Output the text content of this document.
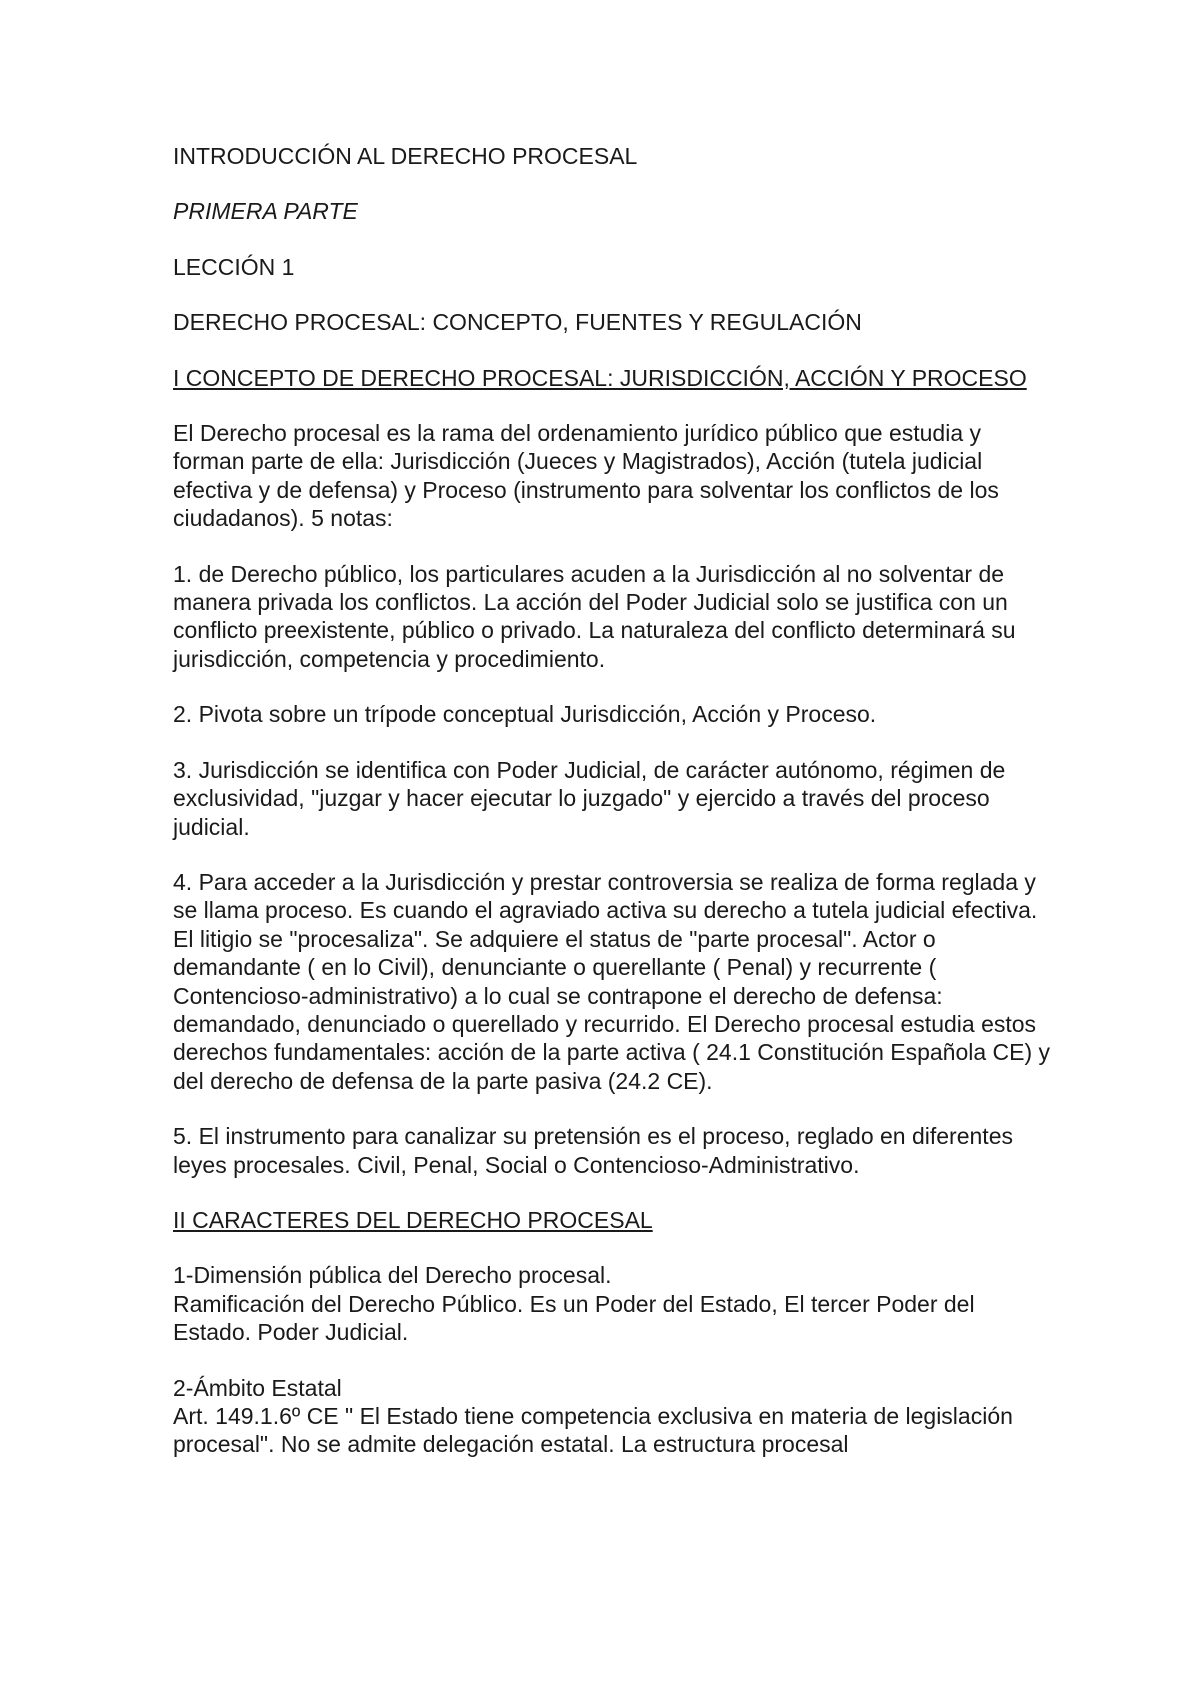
INTRODUCCIÓN AL DERECHO PROCESAL

PRIMERA PARTE

LECCIÓN 1

DERECHO PROCESAL: CONCEPTO, FUENTES Y REGULACIÓN

I CONCEPTO DE DERECHO PROCESAL: JURISDICCIÓN, ACCIÓN Y PROCESO

El Derecho procesal es la rama del ordenamiento jurídico público que estudia y forman parte de ella: Jurisdicción (Jueces y Magistrados), Acción (tutela judicial efectiva y de defensa) y Proceso (instrumento para solventar los conflictos de los ciudadanos). 5 notas:

1. de Derecho público, los particulares acuden a la Jurisdicción al no solventar de manera privada los conflictos. La acción del Poder Judicial solo se justifica con un conflicto preexistente, público o privado. La naturaleza del conflicto determinará su jurisdicción, competencia y procedimiento.

2. Pivota sobre un trípode conceptual Jurisdicción, Acción y Proceso.

3. Jurisdicción se identifica con Poder Judicial, de carácter autónomo, régimen de exclusividad, "juzgar y hacer ejecutar lo juzgado" y ejercido a través del proceso judicial.

4. Para acceder a la Jurisdicción y prestar controversia se realiza de forma reglada y se llama proceso. Es cuando el agraviado activa su derecho a tutela judicial efectiva. El litigio se "procesaliza". Se adquiere el status de "parte procesal". Actor o demandante ( en lo Civil), denunciante o querellante ( Penal) y recurrente ( Contencioso-administrativo) a lo cual se contrapone el derecho de defensa: demandado, denunciado o querellado y recurrido. El Derecho procesal estudia estos derechos fundamentales: acción de la parte activa ( 24.1 Constitución Española CE) y del derecho de defensa de la parte pasiva (24.2 CE).

5. El instrumento para canalizar su pretensión es el proceso, reglado en diferentes leyes procesales. Civil, Penal, Social o Contencioso-Administrativo.

II CARACTERES DEL DERECHO PROCESAL

1-Dimensión pública del Derecho procesal.

Ramificación del Derecho Público. Es un Poder del Estado, El tercer Poder del Estado. Poder Judicial.

2-Ámbito Estatal

Art. 149.1.6º CE " El Estado tiene competencia exclusiva en materia de legislación procesal". No se admite delegación estatal. La estructura procesal
